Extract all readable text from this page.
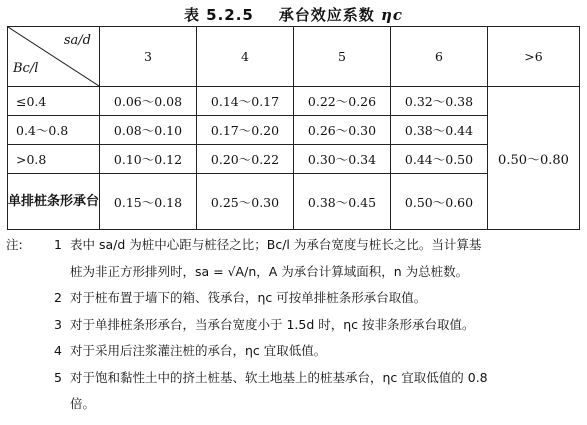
表 5.2.5 承台效应系数 ηc
sa/d
Bc/l	3	4	5	6	>6
≤0.4	0.06～0.08	0.14～0.17	0.22～0.26	0.32～0.38	0.50～0.80
0.4～0.8	0.08～0.10	0.17～0.20	0.26～0.30	0.38～0.44	
>0.8	0.10～0.12	0.20～0.22	0.30～0.34	0.44～0.50	
单排桩条形承台	0.15～0.18	0.25～0.30	0.38～0.45	0.50～0.60	
注:	1 表中 sa/d 为桩中心距与桩径之比；Bc/l 为承台宽度与桩长之比。当计算基
桩为非正方形排列时，sa = √A/n，A 为承台计算域面积，n 为总桩数。
2 对于桩布置于墙下的箱、筏承台，ηc 可按单排桩条形承台取值。
3 对于单排桩条形承台，当承台宽度小于 1.5d 时，ηc 按非条形承台取值。
4 对于采用后注浆灌注桩的承台，ηc 宜取低值。
5 对于饱和黏性土中的挤土桩基、软土地基上的桩基承台，ηc 宜取低值的 0.8
倍。
